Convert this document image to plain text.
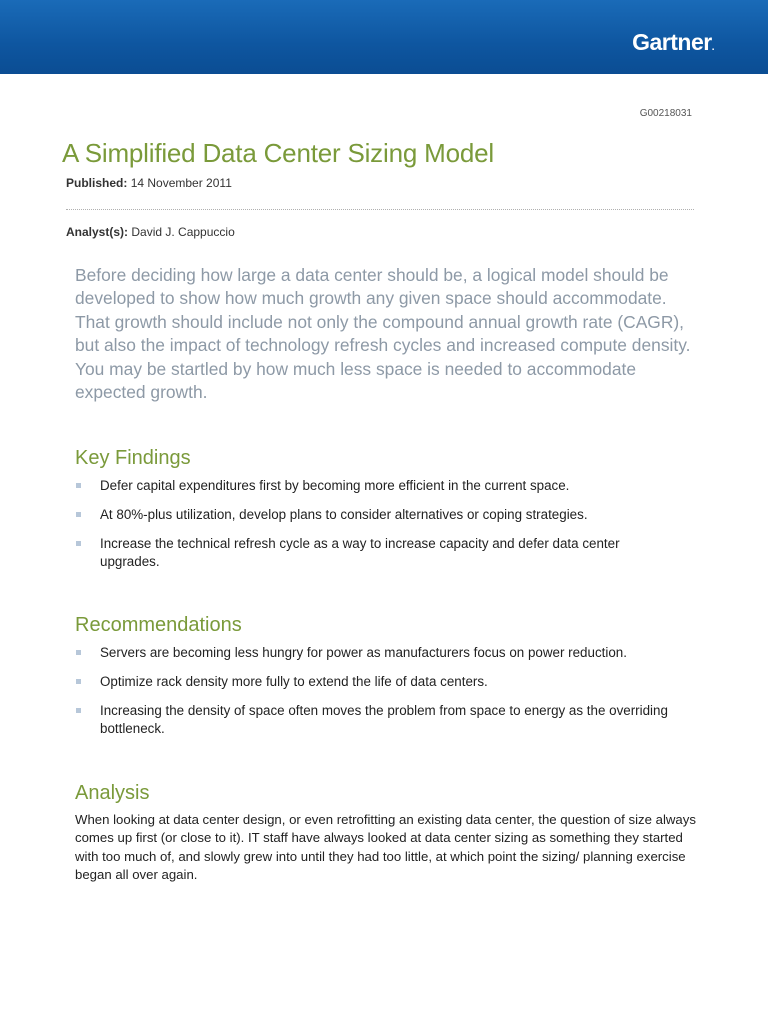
Gartner.
G00218031
A Simplified Data Center Sizing Model
Published: 14 November 2011
Analyst(s): David J. Cappuccio

Before deciding how large a data center should be, a logical model should be developed to show how much growth any given space should accommodate. That growth should include not only the compound annual growth rate (CAGR), but also the impact of technology refresh cycles and increased compute density. You may be startled by how much less space is needed to accommodate expected growth.

Key Findings
Defer capital expenditures first by becoming more efficient in the current space.
At 80%-plus utilization, develop plans to consider alternatives or coping strategies.
Increase the technical refresh cycle as a way to increase capacity and defer data center upgrades.
Recommendations
Servers are becoming less hungry for power as manufacturers focus on power reduction.
Optimize rack density more fully to extend the life of data centers.
Increasing the density of space often moves the problem from space to energy as the overriding bottleneck.
Analysis

When looking at data center design, or even retrofitting an existing data center, the question of size always comes up first (or close to it). IT staff have always looked at data center sizing as something they started with too much of, and slowly grew into until they had too little, at which point the sizing/ planning exercise began all over again.
